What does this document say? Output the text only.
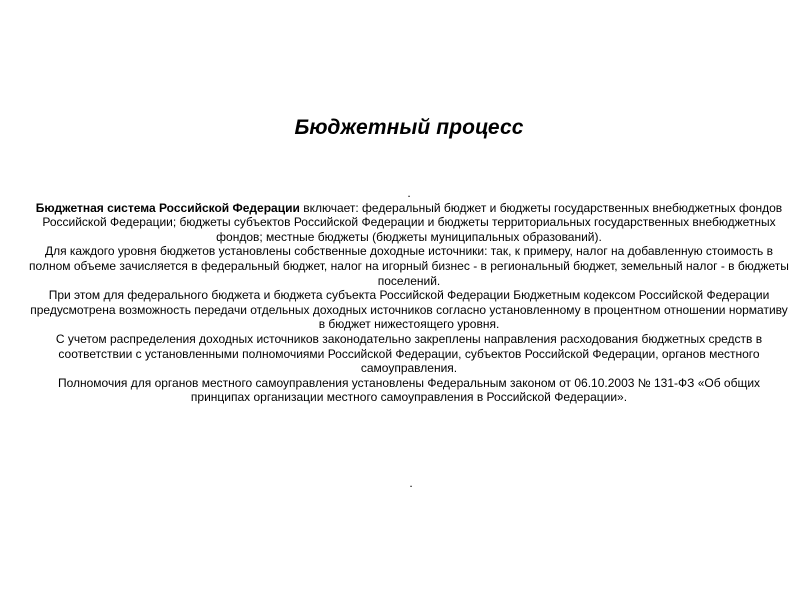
Бюджетный процесс

.

Бюджетная система Российской Федерации включает: федеральный бюджет и бюджеты государственных внебюджетных фондов Российской Федерации; бюджеты субъектов Российской Федерации и бюджеты территориальных государственных внебюджетных фондов; местные бюджеты (бюджеты муниципальных образований).

Для каждого уровня бюджетов установлены собственные доходные источники: так, к примеру, налог на добавленную стоимость в полном объеме зачисляется в федеральный бюджет, налог на игорный бизнес - в региональный бюджет, земельный налог - в бюджеты поселений.

При этом для федерального бюджета и бюджета субъекта Российской Федерации Бюджетным кодексом Российской Федерации предусмотрена возможность передачи отдельных доходных источников согласно установленному в процентном отношении нормативу в бюджет нижестоящего уровня.

С учетом распределения доходных источников законодательно закреплены направления расходования бюджетных средств в соответствии с установленными полномочиями Российской Федерации, субъектов Российской Федерации, органов местного самоуправления.

Полномочия для органов местного самоуправления установлены Федеральным законом от 06.10.2003 № 131-ФЗ «Об общих принципах организации местного самоуправления в Российской Федерации».

.
